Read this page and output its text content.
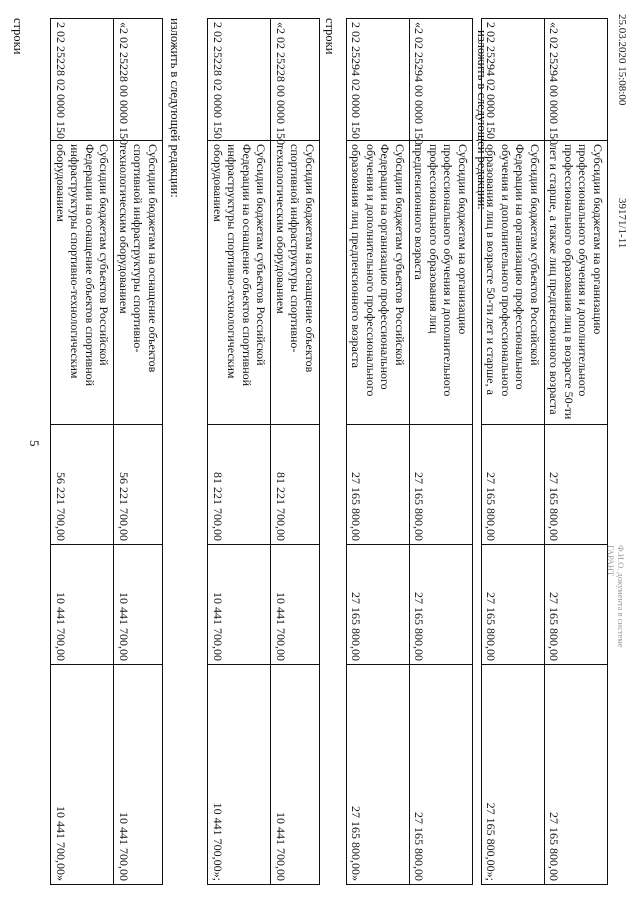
5
25.03.2020 15:08:00
39171/1-11
Ф.И.О. документа в системе
ГАРАНТ
строки	«2 02 25228 00 0000 150	Субсидии бюджетам на оснащение объектов спортивной инфраструктуры спортивно-технологическим оборудованием	56 221 700,00	10 441 700,00	10 441 700,00
2 02 25228 02 0000 150	Субсидии бюджетам субъектов Российской Федерации на оснащение объектов спортивной инфраструктуры спортивно-технологическим оборудованием	56 221 700,00	10 441 700,00	10 441 700,00»
изложить в следующей редакции:	«2 02 25228 00 0000 150	Субсидии бюджетам на оснащение объектов спортивной инфраструктуры спортивно-технологическим оборудованием	81 221 700,00	10 441 700,00	10 441 700,00
2 02 25228 02 0000 150	Субсидии бюджетам субъектов Российской Федерации на оснащение объектов спортивной инфраструктуры спортивно-технологическим оборудованием	81 221 700,00	10 441 700,00	10 441 700,00»;
строки	«2 02 25294 00 0000 150	Субсидии бюджетам на организацию профессионального обучения и дополнительного профессионального образования лиц предпенсионного возраста	27 165 800,00	27 165 800,00	27 165 800,00
2 02 25294 02 0000 150	Субсидии бюджетам субъектов Российской Федерации на организацию профессионального обучения и дополнительного профессионального образования лиц предпенсионного возраста	27 165 800,00	27 165 800,00	27 165 800,00»
изложить в следующей редакции:	«2 02 25294 00 0000 150	Субсидии бюджетам на организацию профессионального обучения и дополнительного профессионального образования лиц в возрасте 50-ти лет и старше, а также лиц предпенсионного возраста	27 165 800,00	27 165 800,00	27 165 800,00
2 02 25294 02 0000 150	Субсидии бюджетам субъектов Российской Федерации на организацию профессионального обучения и дополнительного профессионального образования лиц в возрасте 50-ти лет и старше, а	27 165 800,00	27 165 800,00	27 165 800,00»;
